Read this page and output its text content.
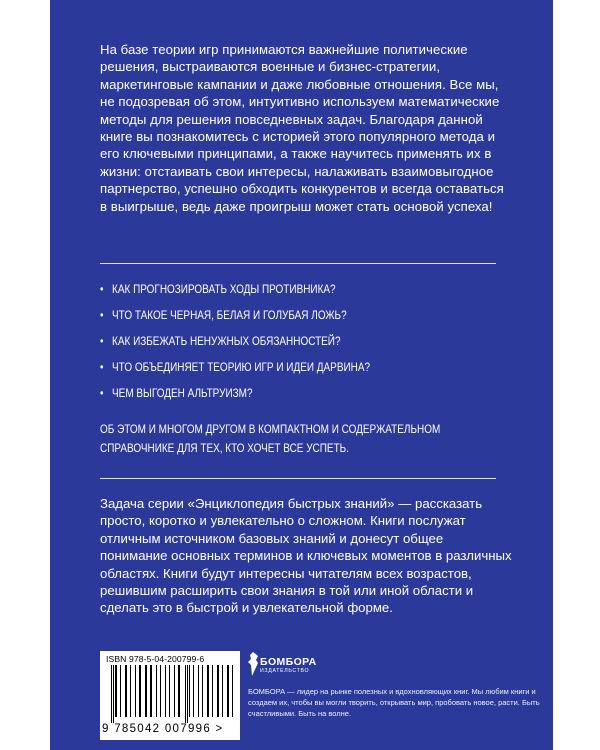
На базе теории игр принимаются важнейшие политические решения, выстраиваются военные и бизнес-стратегии, маркетинговые кампании и даже любовные отношения. Все мы, не подозревая об этом, интуитивно используем математические методы для решения повседневных задач. Благодаря данной книге вы познакомитесь с историей этого популярного метода и его ключевыми принципами, а также научитесь применять их в жизни: отстаивать свои интересы, налаживать взаимовыгодное партнерство, успешно обходить конкурентов и всегда оставаться в выигрыше, ведь даже проигрыш может стать основой успеха!

• КАК ПРОГНОЗИРОВАТЬ ХОДЫ ПРОТИВНИКА?
• ЧТО ТАКОЕ ЧЕРНАЯ, БЕЛАЯ И ГОЛУБАЯ ЛОЖЬ?
• КАК ИЗБЕЖАТЬ НЕНУЖНЫХ ОБЯЗАННОСТЕЙ?
• ЧТО ОБЪЕДИНЯЕТ ТЕОРИЮ ИГР И ИДЕИ ДАРВИНА?
• ЧЕМ ВЫГОДЕН АЛЬТРУИЗМ?

ОБ ЭТОМ И МНОГОМ ДРУГОМ В КОМПАКТНОМ И СОДЕРЖАТЕЛЬНОМ СПРАВОЧНИКЕ ДЛЯ ТЕХ, КТО ХОЧЕТ ВСЕ УСПЕТЬ.

Задача серии «Энциклопедия быстрых знаний» — рассказать просто, коротко и увлекательно о сложном. Книги послужат отличным источником базовых знаний и донесут общее понимание основных терминов и ключевых моментов в различных областях. Книги будут интересны читателям всех возрастов, решившим расширить свои знания в той или иной области и сделать это в быстрой и увлекательной форме.

ISBN 978-5-04-200799-6
9 785042 007996 >
БОМБОРА
ИЗДАТЕЛЬСТВО

БОМБОРА — лидер на рынке полезных и вдохновляющих книг. Мы любим книги и создаем их, чтобы вы могли творить, открывать мир, пробовать новое, расти. Быть счастливыми. Быть на волне.
